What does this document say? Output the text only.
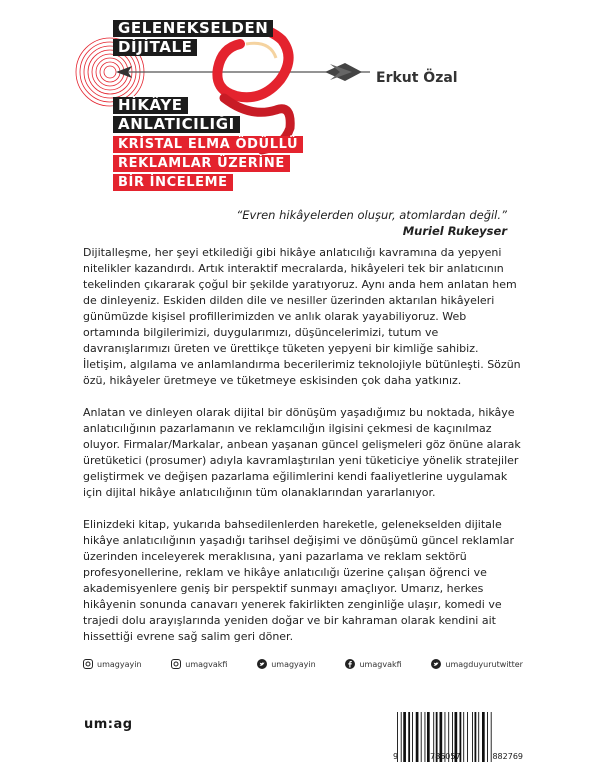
GELENEKSELDEN
DİJİTALE
HİKÂYE
ANLATICILIĞI
KRİSTAL ELMA ÖDÜLLÜ
REKLAMLAR ÜZERİNE
BİR İNCELEME
Erkut Özal
“Evren hikâyelerden oluşur, atomlardan değil.”
Muriel Rukeyser

Dijitalleşme, her şeyi etkilediği gibi hikâye anlatıcılığı kavramına da yepyeni nitelikler kazandırdı. Artık interaktif mecralarda, hikâyeleri tek bir anlatıcının tekelinden çıkararak çoğul bir şekilde yaratıyoruz. Aynı anda hem anlatan hem de dinleyeniz. Eskiden dilden dile ve nesiller üzerinden aktarılan hikâyeleri günümüzde kişisel profillerimizden ve anlık olarak yayabiliyoruz. Web ortamında bilgilerimizi, duygularımızı, düşüncelerimizi, tutum ve davranışlarımızı üreten ve ürettikçe tüketen yepyeni bir kimliğe sahibiz. İletişim, algılama ve anlamlandırma becerilerimiz teknolojiyle bütünleşti. Sözün özü, hikâyeler üretmeye ve tüketmeye eskisinden çok daha yatkınız.

Anlatan ve dinleyen olarak dijital bir dönüşüm yaşadığımız bu noktada, hikâye anlatıcılığının pazarlamanın ve reklamcılığın ilgisini çekmesi de kaçınılmaz oluyor. Firmalar/Markalar, anbean yaşanan güncel gelişmeleri göz önüne alarak üretüketici (prosumer) adıyla kavramlaştırılan yeni tüketiciye yönelik stratejiler geliştirmek ve değişen pazarlama eğilimlerini kendi faaliyetlerine uygulamak için dijital hikâye anlatıcılığının tüm olanaklarından yararlanıyor.

Elinizdeki kitap, yukarıda bahsedilenlerden hareketle, gelenekselden dijitale hikâye anlatıcılığının yaşadığı tarihsel değişimi ve dönüşümü güncel reklamlar üzerinden inceleyerek meraklısına, yani pazarlama ve reklam sektörü profesyonellerine, reklam ve hikâye anlatıcılığı üzerine çalışan öğrenci ve akademisyenlere geniş bir perspektif sunmayı amaçlıyor. Umarız, herkes hikâyenin sonunda canavarı yenerek fakirlikten zenginliğe ulaşır, komedi ve trajedi dolu arayışlarında yeniden doğar ve bir kahraman olarak kendini ait hissettiği evrene sağ salim geri döner.

umagyayin	umagvakfi	umagyayin	umagvakfi	umagduyurutwitter
um:ag
9	786057	882769
